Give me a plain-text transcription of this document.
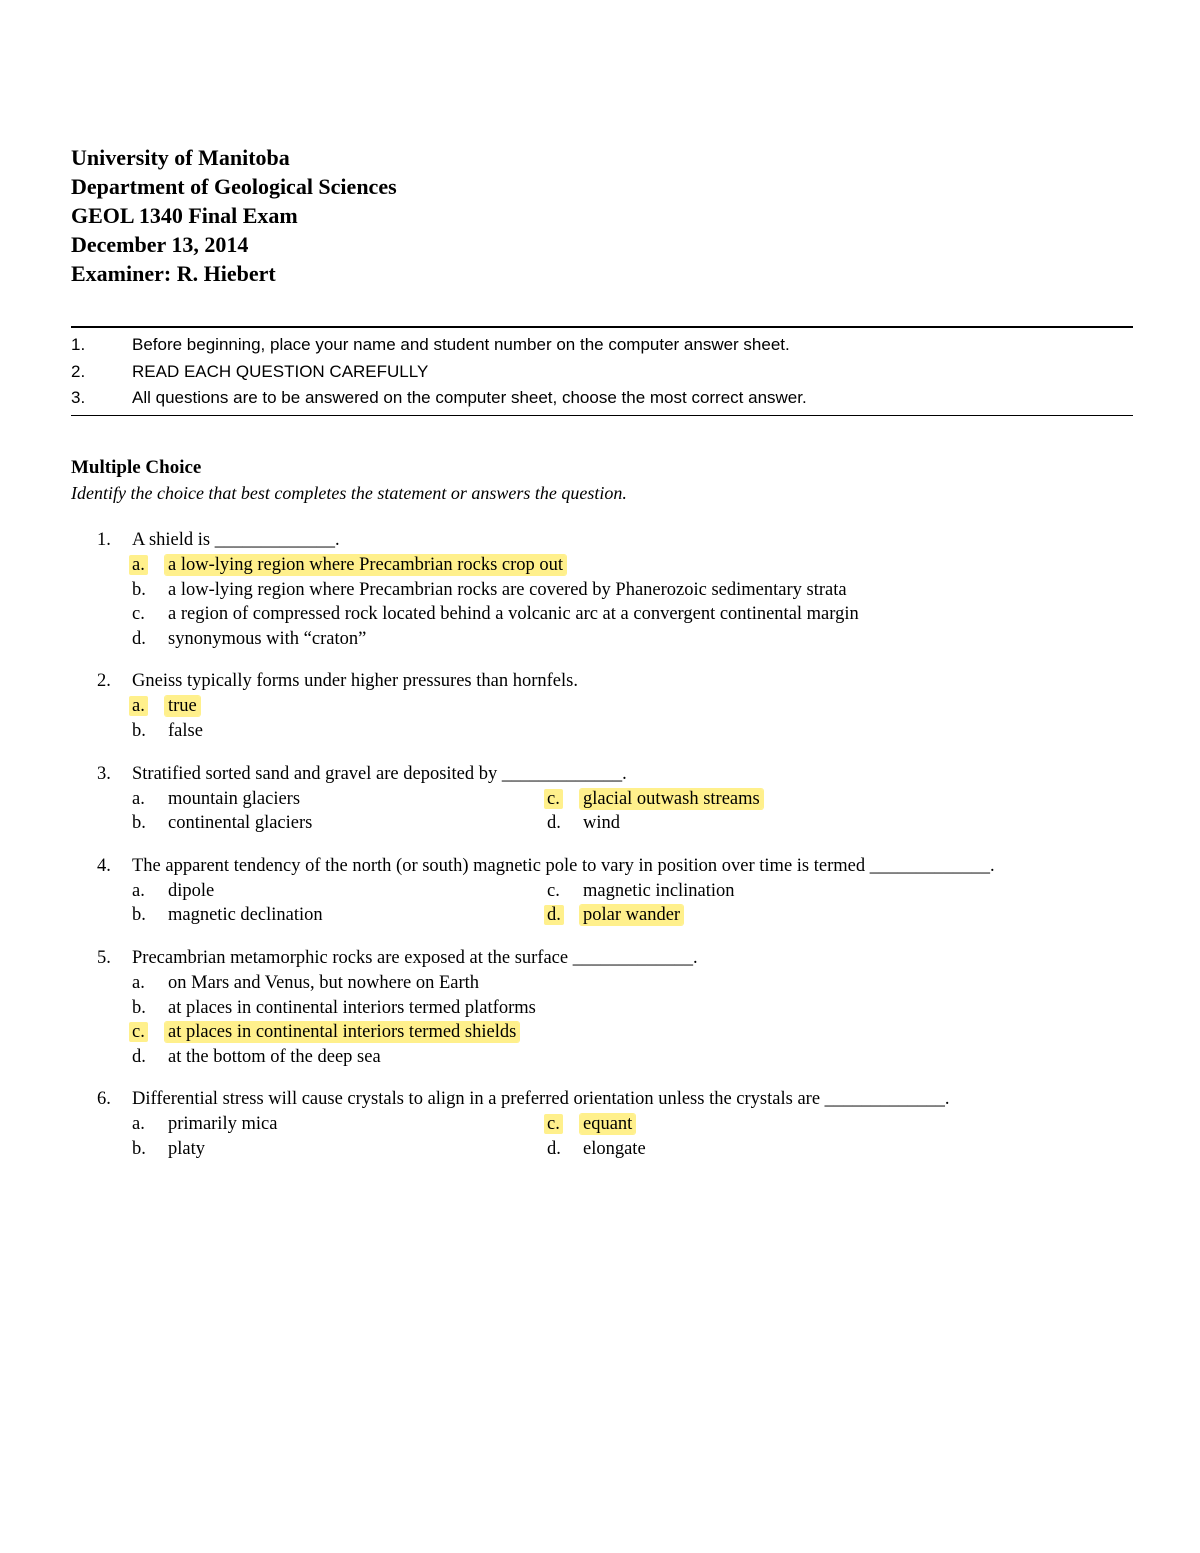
University of Manitoba
Department of Geological Sciences
GEOL 1340 Final Exam
December 13, 2014
Examiner: R. Hiebert
1.	Before beginning, place your name and student number on the computer answer sheet.
2.	READ EACH QUESTION CAREFULLY
3.	All questions are to be answered on the computer sheet, choose the most correct answer.
Multiple Choice
Identify the choice that best completes the statement or answers the question.
1.	A shield is _____________.
a.	a low-lying region where Precambrian rocks crop out
b.	a low-lying region where Precambrian rocks are covered by Phanerozoic sedimentary strata
c.	a region of compressed rock located behind a volcanic arc at a convergent continental margin
d.	synonymous with “craton”
2.	Gneiss typically forms under higher pressures than hornfels.
a.	true
b.	false
3.	Stratified sorted sand and gravel are deposited by _____________.
a.	mountain glaciers	c.	glacial outwash streams
b.	continental glaciers	d.	wind
4.	The apparent tendency of the north (or south) magnetic pole to vary in position over time is termed _____________.
a.	dipole	c.	magnetic inclination
b.	magnetic declination	d.	polar wander
5.	Precambrian metamorphic rocks are exposed at the surface _____________.
a.	on Mars and Venus, but nowhere on Earth
b.	at places in continental interiors termed platforms
c.	at places in continental interiors termed shields
d.	at the bottom of the deep sea
6.	Differential stress will cause crystals to align in a preferred orientation unless the crystals are _____________.
a.	primarily mica	c.	equant
b.	platy	d.	elongate
